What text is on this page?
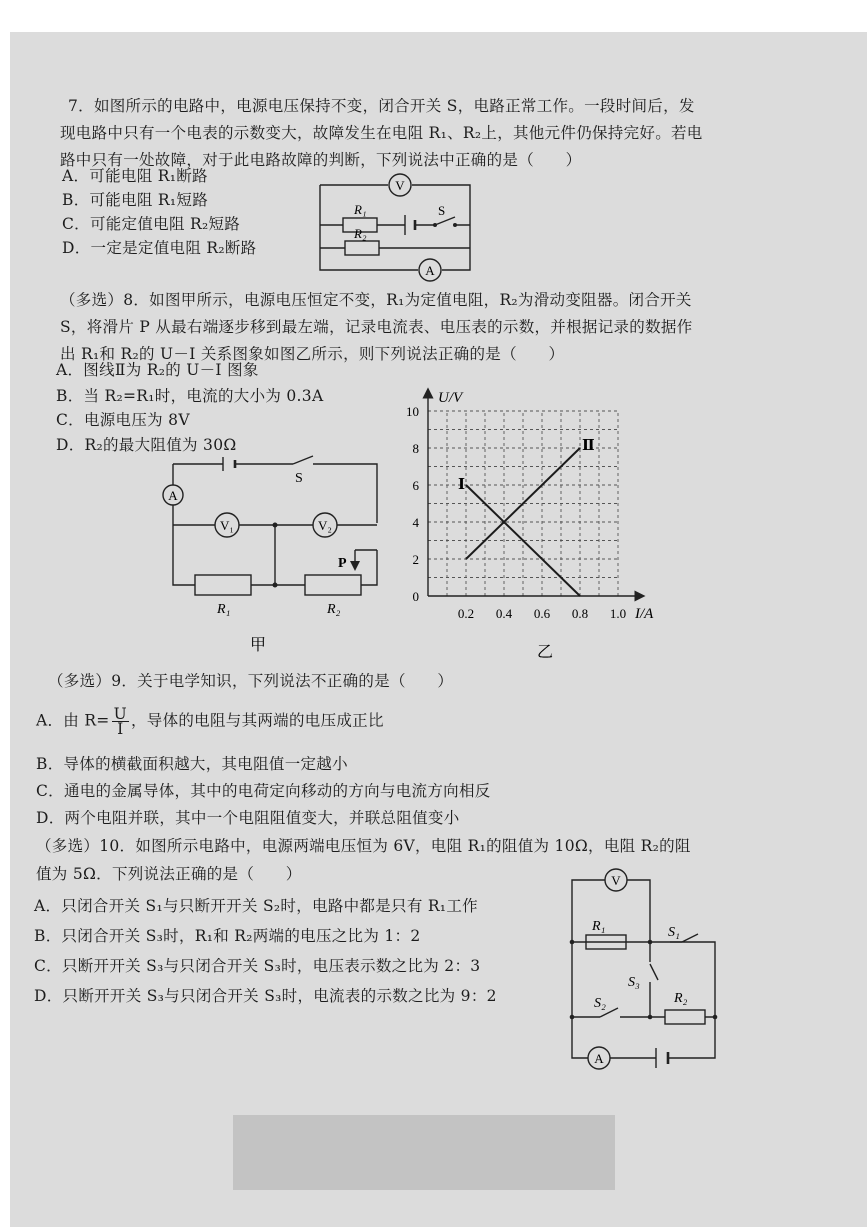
7．如图所示的电路中，电源电压保持不变，闭合开关 S，电路正常工作。一段时间后，发
现电路中只有一个电表的示数变大，故障发生在电阻 R₁、R₂上，其他元件仍保持完好。若电
路中只有一处故障，对于此电路故障的判断，下列说法中正确的是（　　）
A．可能电阻 R₁断路
B．可能电阻 R₁短路
C．可能定值电阻 R₂短路
D．一定是定值电阻 R₂断路
V
A
R₁	S
R₂
（多选）8．如图甲所示，电源电压恒定不变，R₁为定值电阻，R₂为滑动变阻器。闭合开关
S，将滑片 P 从最右端逐步移到最左端，记录电流表、电压表的示数，并根据记录的数据作
出 R₁和 R₂的 U－I 关系图象如图乙所示，则下列说法正确的是（　　）
A．图线Ⅱ为 R₂的 U－I 图象
B．当 R₂=R₁时，电流的大小为 0.3A
C．电源电压为 8V
D．R₂的最大阻值为 30Ω
A
S
V₁	V₂
P
R₁	R₂
甲
0.2 0.4 0.6 0.8 1.0
0
2
4
6
8
10
Ⅰ
Ⅱ
U/V
I/A
乙
（多选）9．关于电学知识，下列说法不正确的是（　　）
A．由 $R= \frac{U}{I}$ ，导体的电阻与其两端的电压成正比
B．导体的横截面积越大，其电阻值一定越小
C．通电的金属导体，其中的电荷定向移动的方向与电流方向相反
D．两个电阻并联，其中一个电阻阻值变大，并联总阻值变小
（多选）10．如图所示电路中，电源两端电压恒为 6V，电阻 R₁的阻值为 10Ω，电阻 R₂的阻
值为 5Ω．下列说法正确的是（　　）
A．只闭合开关 S₁与只断开开关 S₂时，电路中都是只有 R₁工作
B．只闭合开关 S₃时，R₁和 R₂两端的电压之比为 1：2
C．只断开开关 S₃与只闭合开关 S₃时，电压表示数之比为 2：3
D．只断开开关 S₃与只闭合开关 S₃时，电流表的示数之比为 9：2
V
A
R₁	S₁
S₃
S₂	R₂
